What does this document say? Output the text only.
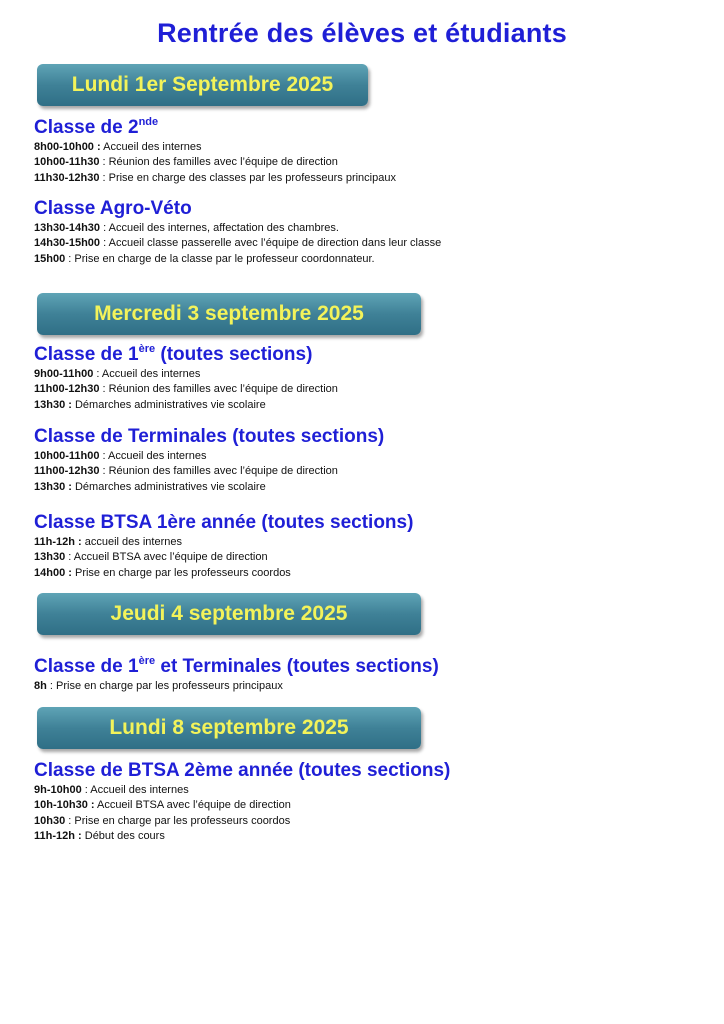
Rentrée des élèves et étudiants
Lundi 1er Septembre 2025
Mercredi 3 septembre 2025
Jeudi 4 septembre 2025
Lundi 8 septembre 2025
Classe de 2nde
8h00-10h00 : Accueil des internes
10h00-11h30 : Réunion des familles avec l’équipe de direction
11h30-12h30 : Prise en charge des classes par les professeurs principaux
Classe Agro-Véto
13h30-14h30 : Accueil des internes, affectation des chambres.
14h30-15h00 : Accueil classe passerelle avec l’équipe de direction dans leur classe
15h00 : Prise en charge de la classe par le professeur coordonnateur.
Classe de 1ère (toutes sections)
9h00-11h00 : Accueil des internes
11h00-12h30 : Réunion des familles avec l’équipe de direction
13h30 : Démarches administratives vie scolaire
Classe de Terminales (toutes sections)
10h00-11h00 : Accueil des internes
11h00-12h30 : Réunion des familles avec l’équipe de direction
13h30 : Démarches administratives vie scolaire
Classe BTSA 1ère année (toutes sections)
11h-12h : accueil des internes
13h30 : Accueil BTSA avec l’équipe de direction
14h00 : Prise en charge par les professeurs coordos
Classe de 1ère et Terminales (toutes sections)
8h : Prise en charge par les professeurs principaux
Classe de BTSA 2ème année (toutes sections)
9h-10h00 : Accueil des internes
10h-10h30 : Accueil BTSA avec l’équipe de direction
10h30 : Prise en charge par les professeurs coordos
11h-12h : Début des cours
